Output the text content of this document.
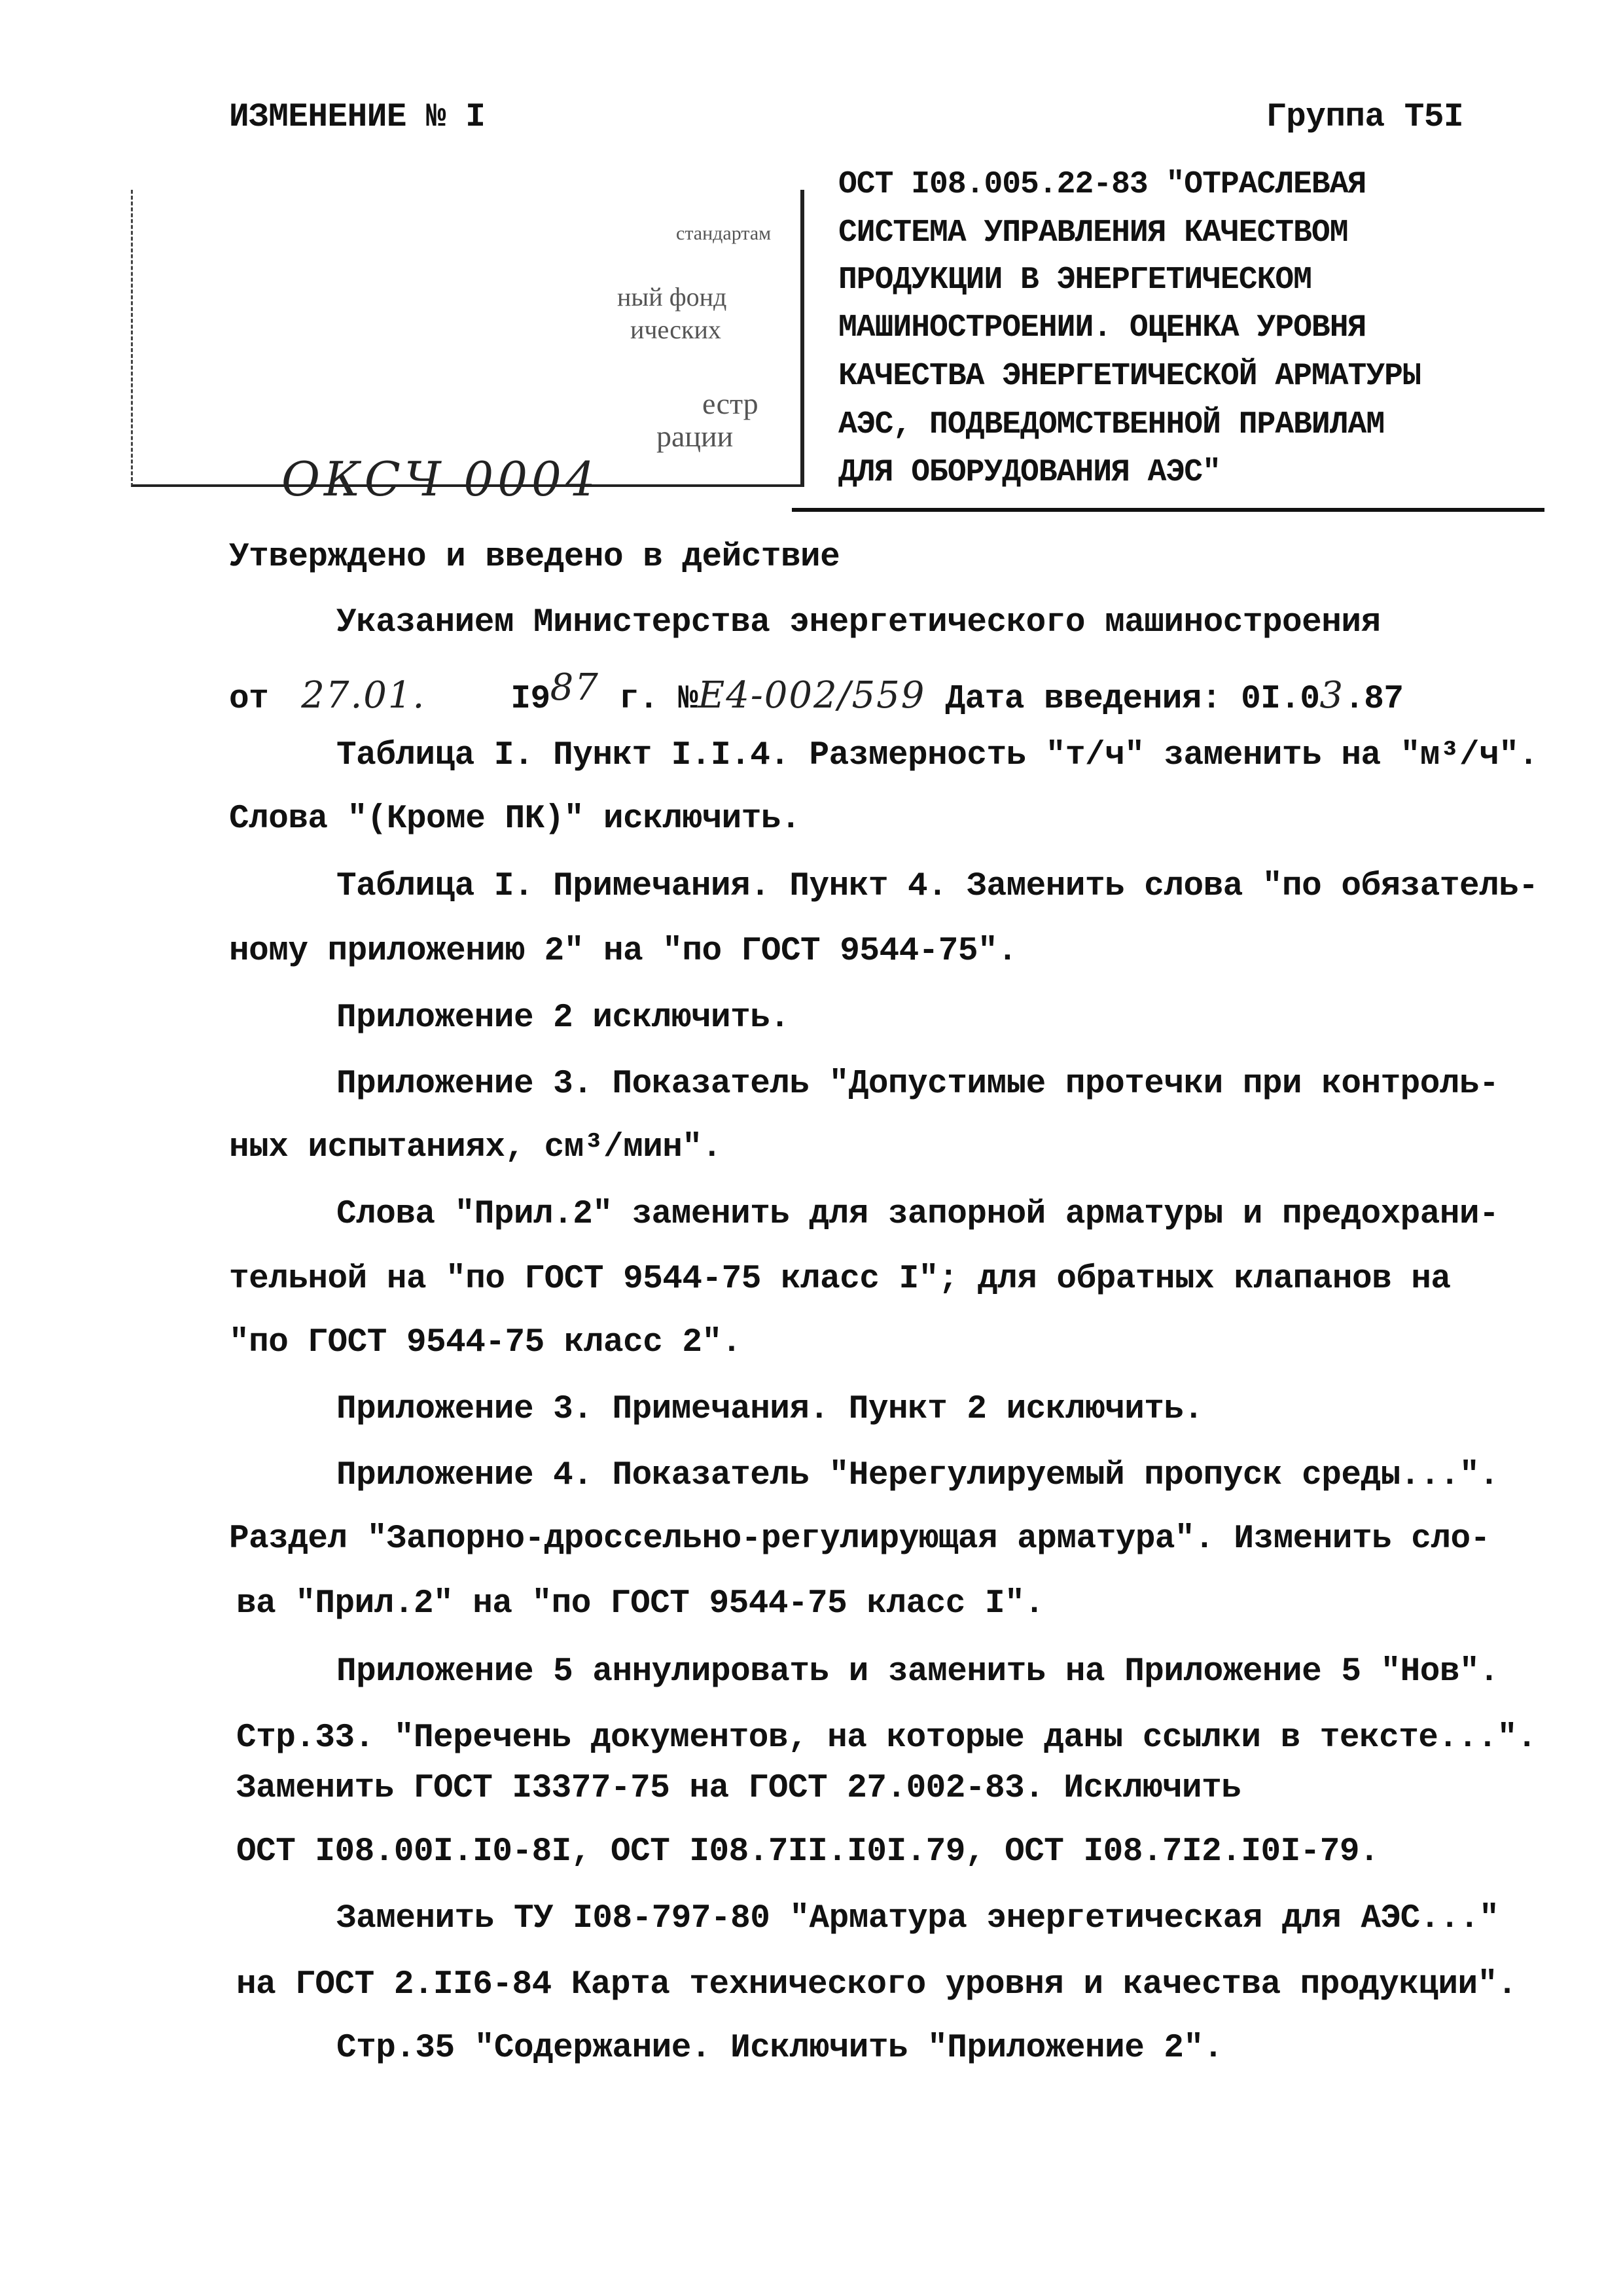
ИЗМЕНЕНИЕ № I	Группа T5I
стандартам
ный фонд
ических
естр
рации
ОКСЧ 0004
ОСТ I08.005.22-83 "ОТРАСЛЕВАЯ
СИСТЕМА УПРАВЛЕНИЯ КАЧЕСТВОМ
ПРОДУКЦИИ В ЭНЕРГЕТИЧЕСКОМ
МАШИНОСТРОЕНИИ. ОЦЕНКА УРОВНЯ
КАЧЕСТВА ЭНЕРГЕТИЧЕСКОЙ АРМАТУРЫ
АЭС, ПОДВЕДОМСТВЕННОЙ ПРАВИЛАМ
ДЛЯ ОБОРУДОВАНИЯ АЭС"
Утверждено и введено в действие
Указанием Министерства энергетического машиностроения
от 27.01.	I987 г. №Е4-002/559 Дата введения: 0I.03.87
Таблица I. Пункт I.I.4. Размерность "т/ч" заменить на "м³/ч".
Слова "(Кроме ПК)" исключить.
Таблица I. Примечания. Пункт 4. Заменить слова "по обязатель-
ному приложению 2" на "по ГОСТ 9544-75".
Приложение 2 исключить.
Приложение 3. Показатель "Допустимые протечки при контроль-
ных испытаниях, см³/мин".
Слова "Прил.2" заменить для запорной арматуры и предохрани-
тельной на "по ГОСТ 9544-75 класс I"; для обратных клапанов на
"по ГОСТ 9544-75 класс 2".
Приложение 3. Примечания. Пункт 2 исключить.
Приложение 4. Показатель "Нерегулируемый пропуск среды...".
Раздел "Запорно-дроссельно-регулирующая арматура". Изменить сло-
ва "Прил.2" на "по ГОСТ 9544-75 класс I".
Приложение 5 аннулировать и заменить на Приложение 5 "Нов".
Стр.33. "Перечень документов, на которые даны ссылки в тексте...".
Заменить ГОСТ I3377-75 на ГОСТ 27.002-83. Исключить
ОСТ I08.00I.I0-8I, ОСТ I08.7II.I0I.79, ОСТ I08.7I2.I0I-79.
Заменить ТУ I08-797-80 "Арматура энергетическая для АЭС..."
на ГОСТ 2.II6-84 Карта технического уровня и качества продукции".
Стр.35 "Содержание. Исключить "Приложение 2".
